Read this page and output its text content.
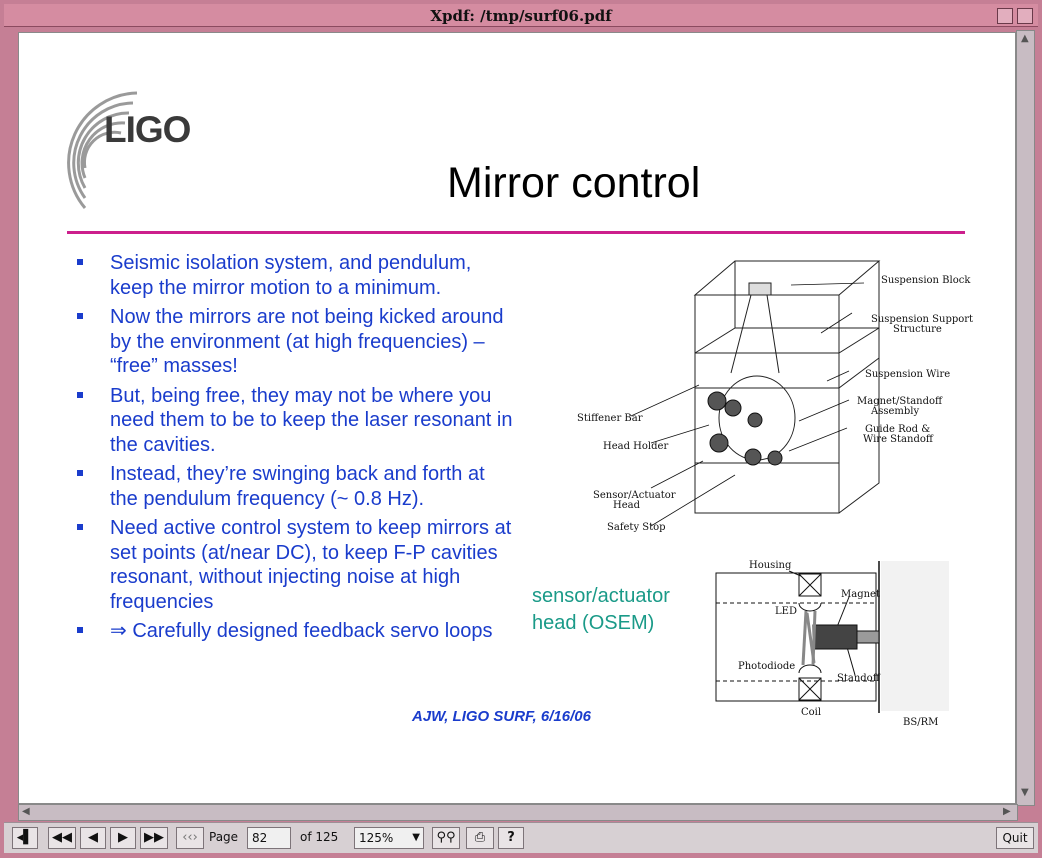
Xpdf: /tmp/surf06.pdf
LIGO
Mirror control
Seismic isolation system, and pendulum, keep the mirror motion to a minimum.
Now the mirrors are not being kicked around by the environment (at high frequencies) – “free” masses!
But, being free, they may not be where you need them to be to keep the laser resonant in the cavities.
Instead, they’re swinging back and forth at the pendulum frequency (~ 0.8 Hz).
Need active control system to keep mirrors at set points (at/near DC), to keep F-P cavities resonant, without injecting noise at high frequencies
⇒ Carefully designed feedback servo loops
sensor/actuator
head (OSEM)
AJW, LIGO SURF, 6/16/06
Suspension Block
Suspension Support
Structure
Suspension Wire
Magnet/Standoff
Assembly
Guide Rod &
Wire Standoff
Stiffener Bar
Head Holder
Sensor/Actuator
Head
Safety Stop
Housing
LED
Magnet
Photodiode
Standoff
Coil
BS/RM
▲
▼
◀	▶
◂▌	◀◀	◀	▶	▶▶	‹‹› Page	82	of 125	125% ▼	⚲⚲	⎙	?	Quit
